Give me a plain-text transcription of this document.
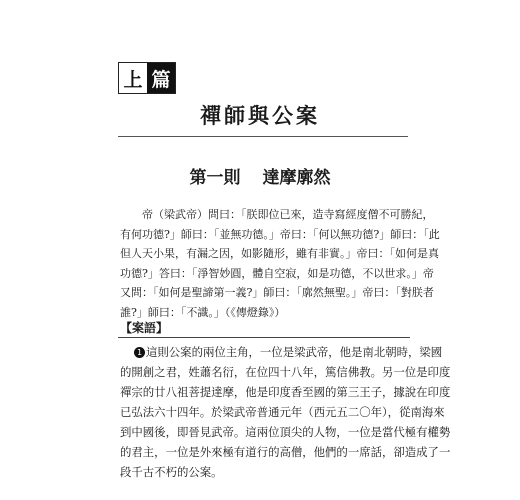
上 篇
禪師與公案
第一則 達摩廓然
帝（梁武帝）問曰：「朕即位已來，造寺寫經度僧不可勝紀，
有何功德?」師曰：「並無功德。」帝曰：「何以無功德?」師曰：「此
但人天小果，有漏之因，如影隨形，雖有非實。」帝曰：「如何是真
功德?」答曰：「淨智妙圓，體自空寂，如是功德，不以世求。」帝
又問：「如何是聖諦第一義?」師曰：「廓然無聖。」帝曰：「對朕者
誰?」師曰：「不識。」（《傳燈錄》）
【案語】
1 這則公案的兩位主角，一位是梁武帝，他是南北朝時，梁國
的開創之君，姓蕭名衍，在位四十八年，篤信佛教。另一位是印度
禪宗的廿八祖菩提達摩，他是印度香至國的第三王子，據說在印度
已弘法六十四年。於梁武帝普通元年（西元五二〇年），從南海來
到中國後，即晉見武帝。這兩位頂尖的人物，一位是當代極有權勢
的君主，一位是外來極有道行的高僧，他們的一席話，卻造成了一
段千古不朽的公案。
